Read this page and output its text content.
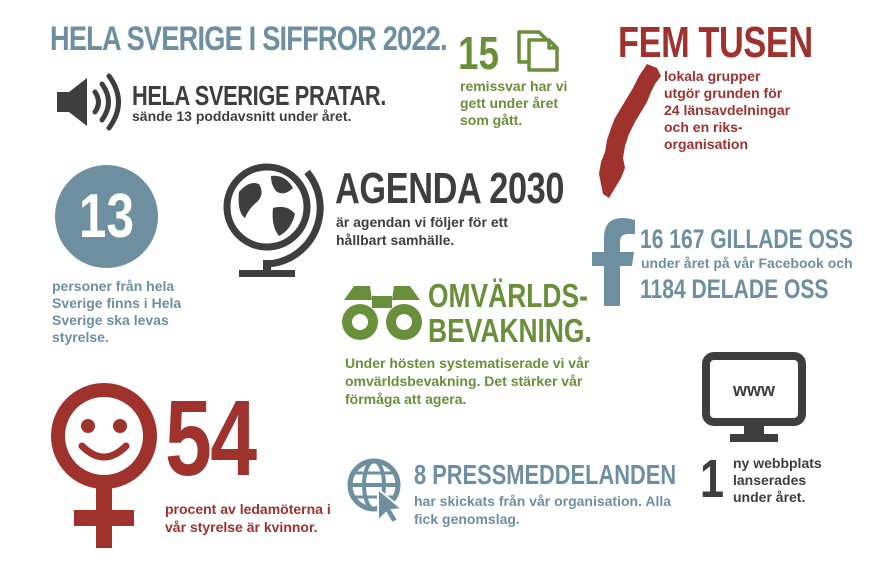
HELA SVERIGE I SIFFROR 2022.
HELA SVERIGE PRATAR.
sände 13 poddavsnitt under året.
15
remissvar har vi gett under året som gått.
FEM TUSEN
lokala grupper utgör grunden för 24 länsavdelningar och en riks-organisation
13
personer från hela Sverige finns i Hela Sverige ska levas styrelse.
AGENDA 2030
är agendan vi följer för ett hållbart samhälle.	16 167 GILLADE OSS
under året på vår Facebook och
1184 DELADE OSS
OMVÄRLDS-
BEVAKNING.
Under hösten systematiserade vi vår omvärldsbevakning. Det stärker vår förmåga att agera.	www
1 ny webbplats lanserades under året.
54
procent av ledamöterna i vår styrelse är kvinnor.
8 PRESSMEDDELANDEN
har skickats från vår organisation. Alla fick genomslag.
